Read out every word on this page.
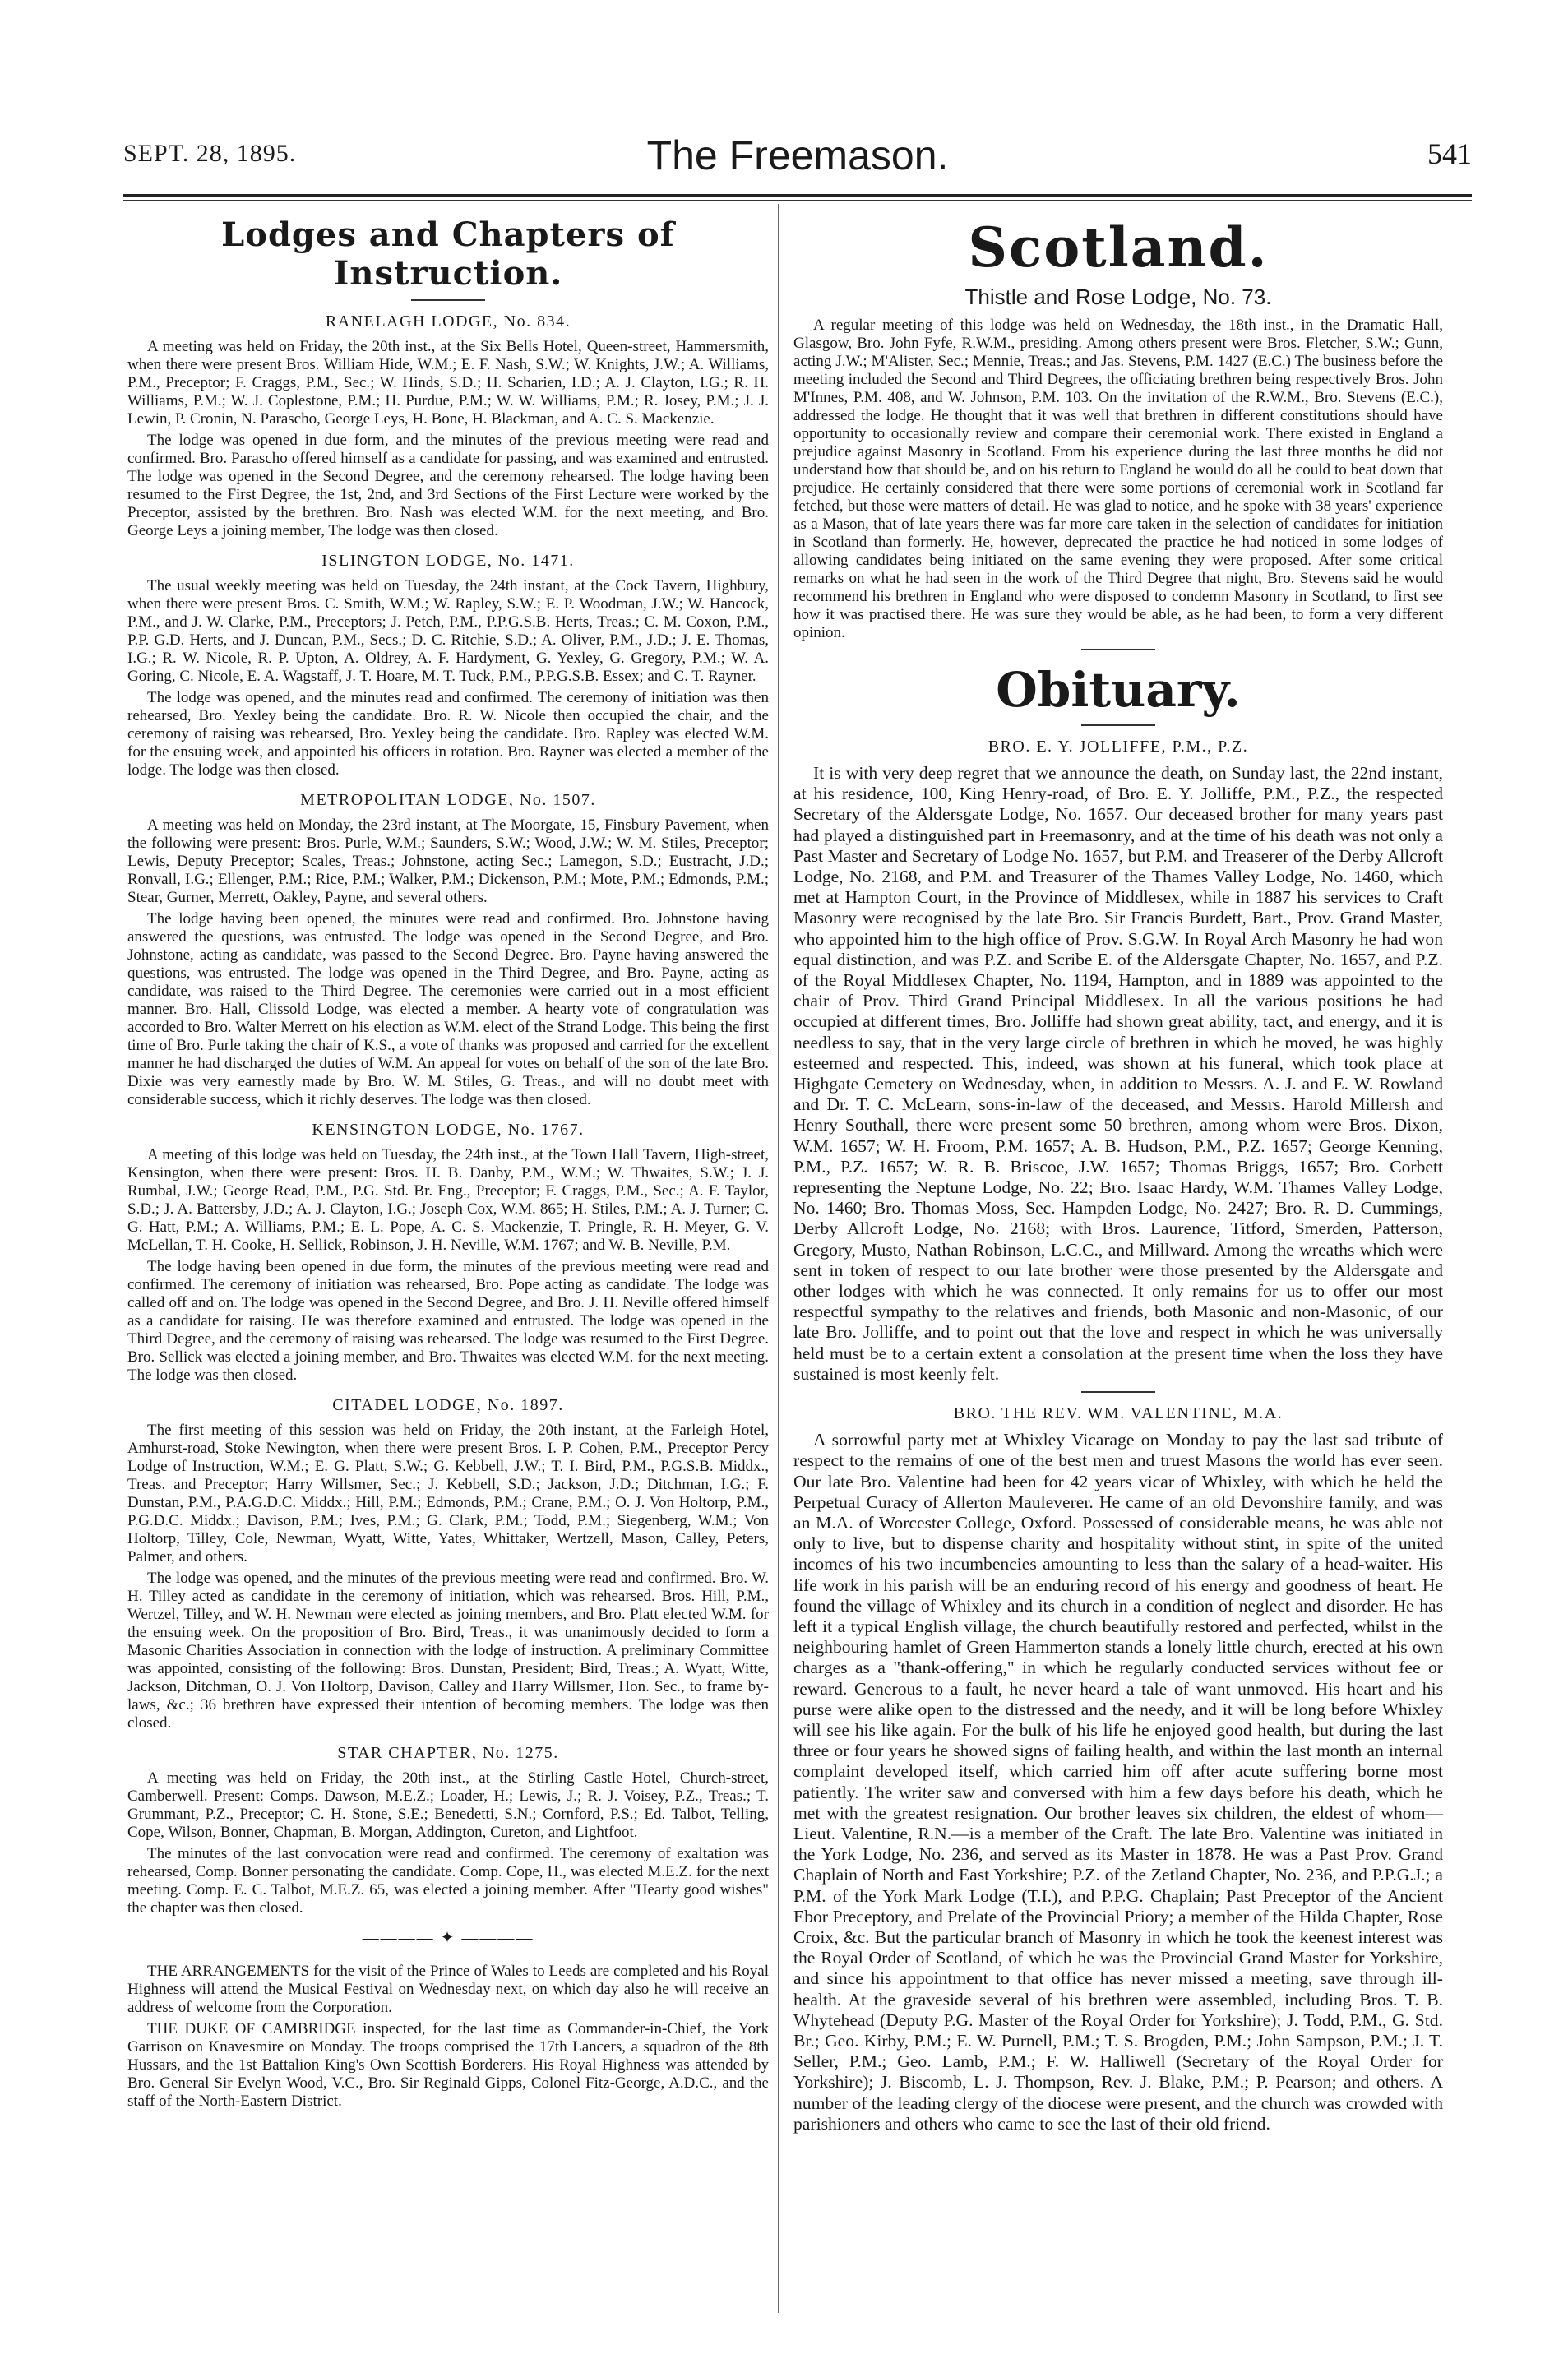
SEPT. 28, 1895.	The Freemason.	541
Lodges and Chapters of Instruction.
RANELAGH LODGE, No. 834.

A meeting was held on Friday, the 20th inst., at the Six Bells Hotel, Queen-street, Hammersmith, when there were present Bros. William Hide, W.M.; E. F. Nash, S.W.; W. Knights, J.W.; A. Williams, P.M., Preceptor; F. Craggs, P.M., Sec.; W. Hinds, S.D.; H. Scharien, I.D.; A. J. Clayton, I.G.; R. H. Williams, P.M.; W. J. Coplestone, P.M.; H. Purdue, P.M.; W. W. Williams, P.M.; R. Josey, P.M.; J. J. Lewin, P. Cronin, N. Parascho, George Leys, H. Bone, H. Blackman, and A. C. S. Mackenzie.

The lodge was opened in due form, and the minutes of the previous meeting were read and confirmed. Bro. Parascho offered himself as a candidate for passing, and was examined and entrusted. The lodge was opened in the Second Degree, and the ceremony rehearsed. The lodge having been resumed to the First Degree, the 1st, 2nd, and 3rd Sections of the First Lecture were worked by the Preceptor, assisted by the brethren. Bro. Nash was elected W.M. for the next meeting, and Bro. George Leys a joining member, The lodge was then closed.

ISLINGTON LODGE, No. 1471.

The usual weekly meeting was held on Tuesday, the 24th instant, at the Cock Tavern, Highbury, when there were present Bros. C. Smith, W.M.; W. Rapley, S.W.; E. P. Woodman, J.W.; W. Hancock, P.M., and J. W. Clarke, P.M., Preceptors; J. Petch, P.M., P.P.G.S.B. Herts, Treas.; C. M. Coxon, P.M., P.P. G.D. Herts, and J. Duncan, P.M., Secs.; D. C. Ritchie, S.D.; A. Oliver, P.M., J.D.; J. E. Thomas, I.G.; R. W. Nicole, R. P. Upton, A. Oldrey, A. F. Hardyment, G. Yexley, G. Gregory, P.M.; W. A. Goring, C. Nicole, E. A. Wagstaff, J. T. Hoare, M. T. Tuck, P.M., P.P.G.S.B. Essex; and C. T. Rayner.

The lodge was opened, and the minutes read and confirmed. The ceremony of initiation was then rehearsed, Bro. Yexley being the candidate. Bro. R. W. Nicole then occupied the chair, and the ceremony of raising was rehearsed, Bro. Yexley being the candidate. Bro. Rapley was elected W.M. for the ensuing week, and appointed his officers in rotation. Bro. Rayner was elected a member of the lodge. The lodge was then closed.

METROPOLITAN LODGE, No. 1507.

A meeting was held on Monday, the 23rd instant, at The Moorgate, 15, Finsbury Pavement, when the following were present: Bros. Purle, W.M.; Saunders, S.W.; Wood, J.W.; W. M. Stiles, Preceptor; Lewis, Deputy Preceptor; Scales, Treas.; Johnstone, acting Sec.; Lamegon, S.D.; Eustracht, J.D.; Ronvall, I.G.; Ellenger, P.M.; Rice, P.M.; Walker, P.M.; Dickenson, P.M.; Mote, P.M.; Edmonds, P.M.; Stear, Gurner, Merrett, Oakley, Payne, and several others.

The lodge having been opened, the minutes were read and confirmed. Bro. Johnstone having answered the questions, was entrusted. The lodge was opened in the Second Degree, and Bro. Johnstone, acting as candidate, was passed to the Second Degree. Bro. Payne having answered the questions, was entrusted. The lodge was opened in the Third Degree, and Bro. Payne, acting as candidate, was raised to the Third Degree. The ceremonies were carried out in a most efficient manner. Bro. Hall, Clissold Lodge, was elected a member. A hearty vote of congratulation was accorded to Bro. Walter Merrett on his election as W.M. elect of the Strand Lodge. This being the first time of Bro. Purle taking the chair of K.S., a vote of thanks was proposed and carried for the excellent manner he had discharged the duties of W.M. An appeal for votes on behalf of the son of the late Bro. Dixie was very earnestly made by Bro. W. M. Stiles, G. Treas., and will no doubt meet with considerable success, which it richly deserves. The lodge was then closed.

KENSINGTON LODGE, No. 1767.

A meeting of this lodge was held on Tuesday, the 24th inst., at the Town Hall Tavern, High-street, Kensington, when there were present: Bros. H. B. Danby, P.M., W.M.; W. Thwaites, S.W.; J. J. Rumbal, J.W.; George Read, P.M., P.G. Std. Br. Eng., Preceptor; F. Craggs, P.M., Sec.; A. F. Taylor, S.D.; J. A. Battersby, J.D.; A. J. Clayton, I.G.; Joseph Cox, W.M. 865; H. Stiles, P.M.; A. J. Turner; C. G. Hatt, P.M.; A. Williams, P.M.; E. L. Pope, A. C. S. Mackenzie, T. Pringle, R. H. Meyer, G. V. McLellan, T. H. Cooke, H. Sellick, Robinson, J. H. Neville, W.M. 1767; and W. B. Neville, P.M.

The lodge having been opened in due form, the minutes of the previous meeting were read and confirmed. The ceremony of initiation was rehearsed, Bro. Pope acting as candidate. The lodge was called off and on. The lodge was opened in the Second Degree, and Bro. J. H. Neville offered himself as a candidate for raising. He was therefore examined and entrusted. The lodge was opened in the Third Degree, and the ceremony of raising was rehearsed. The lodge was resumed to the First Degree. Bro. Sellick was elected a joining member, and Bro. Thwaites was elected W.M. for the next meeting. The lodge was then closed.

CITADEL LODGE, No. 1897.

The first meeting of this session was held on Friday, the 20th instant, at the Farleigh Hotel, Amhurst-road, Stoke Newington, when there were present Bros. I. P. Cohen, P.M., Preceptor Percy Lodge of Instruction, W.M.; E. G. Platt, S.W.; G. Kebbell, J.W.; T. I. Bird, P.M., P.G.S.B. Middx., Treas. and Preceptor; Harry Willsmer, Sec.; J. Kebbell, S.D.; Jackson, J.D.; Ditchman, I.G.; F. Dunstan, P.M., P.A.G.D.C. Middx.; Hill, P.M.; Edmonds, P.M.; Crane, P.M.; O. J. Von Holtorp, P.M., P.G.D.C. Middx.; Davison, P.M.; Ives, P.M.; G. Clark, P.M.; Todd, P.M.; Siegenberg, W.M.; Von Holtorp, Tilley, Cole, Newman, Wyatt, Witte, Yates, Whittaker, Wertzell, Mason, Calley, Peters, Palmer, and others.

The lodge was opened, and the minutes of the previous meeting were read and confirmed. Bro. W. H. Tilley acted as candidate in the ceremony of initiation, which was rehearsed. Bros. Hill, P.M., Wertzel, Tilley, and W. H. Newman were elected as joining members, and Bro. Platt elected W.M. for the ensuing week. On the proposition of Bro. Bird, Treas., it was unanimously decided to form a Masonic Charities Association in connection with the lodge of instruction. A preliminary Committee was appointed, consisting of the following: Bros. Dunstan, President; Bird, Treas.; A. Wyatt, Witte, Jackson, Ditchman, O. J. Von Holtorp, Davison, Calley and Harry Willsmer, Hon. Sec., to frame by-laws, &c.; 36 brethren have expressed their intention of becoming members. The lodge was then closed.

STAR CHAPTER, No. 1275.

A meeting was held on Friday, the 20th inst., at the Stirling Castle Hotel, Church-street, Camberwell. Present: Comps. Dawson, M.E.Z.; Loader, H.; Lewis, J.; R. J. Voisey, P.Z., Treas.; T. Grummant, P.Z., Preceptor; C. H. Stone, S.E.; Benedetti, S.N.; Cornford, P.S.; Ed. Talbot, Telling, Cope, Wilson, Bonner, Chapman, B. Morgan, Addington, Cureton, and Lightfoot.

The minutes of the last convocation were read and confirmed. The ceremony of exaltation was rehearsed, Comp. Bonner personating the candidate. Comp. Cope, H., was elected M.E.Z. for the next meeting. Comp. E. C. Talbot, M.E.Z. 65, was elected a joining member. After "Hearty good wishes" the chapter was then closed.

———— ✦ ————

THE ARRANGEMENTS for the visit of the Prince of Wales to Leeds are completed and his Royal Highness will attend the Musical Festival on Wednesday next, on which day also he will receive an address of welcome from the Corporation.

THE DUKE OF CAMBRIDGE inspected, for the last time as Commander-in-Chief, the York Garrison on Knavesmire on Monday. The troops comprised the 17th Lancers, a squadron of the 8th Hussars, and the 1st Battalion King's Own Scottish Borderers. His Royal Highness was attended by Bro. General Sir Evelyn Wood, V.C., Bro. Sir Reginald Gipps, Colonel Fitz-George, A.D.C., and the staff of the North-Eastern District.

Scotland.
Thistle and Rose Lodge, No. 73.

A regular meeting of this lodge was held on Wednesday, the 18th inst., in the Dramatic Hall, Glasgow, Bro. John Fyfe, R.W.M., presiding. Among others present were Bros. Fletcher, S.W.; Gunn, acting J.W.; M'Alister, Sec.; Mennie, Treas.; and Jas. Stevens, P.M. 1427 (E.C.) The business before the meeting included the Second and Third Degrees, the officiating brethren being respectively Bros. John M'Innes, P.M. 408, and W. Johnson, P.M. 103. On the invitation of the R.W.M., Bro. Stevens (E.C.), addressed the lodge. He thought that it was well that brethren in different constitutions should have opportunity to occasionally review and compare their ceremonial work. There existed in England a prejudice against Masonry in Scotland. From his experience during the last three months he did not understand how that should be, and on his return to England he would do all he could to beat down that prejudice. He certainly considered that there were some portions of ceremonial work in Scotland far fetched, but those were matters of detail. He was glad to notice, and he spoke with 38 years' experience as a Mason, that of late years there was far more care taken in the selection of candidates for initiation in Scotland than formerly. He, however, deprecated the practice he had noticed in some lodges of allowing candidates being initiated on the same evening they were proposed. After some critical remarks on what he had seen in the work of the Third Degree that night, Bro. Stevens said he would recommend his brethren in England who were disposed to condemn Masonry in Scotland, to first see how it was practised there. He was sure they would be able, as he had been, to form a very different opinion.

Obituary.
BRO. E. Y. JOLLIFFE, P.M., P.Z.

It is with very deep regret that we announce the death, on Sunday last, the 22nd instant, at his residence, 100, King Henry-road, of Bro. E. Y. Jolliffe, P.M., P.Z., the respected Secretary of the Aldersgate Lodge, No. 1657. Our deceased brother for many years past had played a distinguished part in Freemasonry, and at the time of his death was not only a Past Master and Secretary of Lodge No. 1657, but P.M. and Treaserer of the Derby Allcroft Lodge, No. 2168, and P.M. and Treasurer of the Thames Valley Lodge, No. 1460, which met at Hampton Court, in the Province of Middlesex, while in 1887 his services to Craft Masonry were recognised by the late Bro. Sir Francis Burdett, Bart., Prov. Grand Master, who appointed him to the high office of Prov. S.G.W. In Royal Arch Masonry he had won equal distinction, and was P.Z. and Scribe E. of the Aldersgate Chapter, No. 1657, and P.Z. of the Royal Middlesex Chapter, No. 1194, Hampton, and in 1889 was appointed to the chair of Prov. Third Grand Principal Middlesex. In all the various positions he had occupied at different times, Bro. Jolliffe had shown great ability, tact, and energy, and it is needless to say, that in the very large circle of brethren in which he moved, he was highly esteemed and respected. This, indeed, was shown at his funeral, which took place at Highgate Cemetery on Wednesday, when, in addition to Messrs. A. J. and E. W. Rowland and Dr. T. C. McLearn, sons-in-law of the deceased, and Messrs. Harold Millersh and Henry Southall, there were present some 50 brethren, among whom were Bros. Dixon, W.M. 1657; W. H. Froom, P.M. 1657; A. B. Hudson, P.M., P.Z. 1657; George Kenning, P.M., P.Z. 1657; W. R. B. Briscoe, J.W. 1657; Thomas Briggs, 1657; Bro. Corbett representing the Neptune Lodge, No. 22; Bro. Isaac Hardy, W.M. Thames Valley Lodge, No. 1460; Bro. Thomas Moss, Sec. Hampden Lodge, No. 2427; Bro. R. D. Cummings, Derby Allcroft Lodge, No. 2168; with Bros. Laurence, Titford, Smerden, Patterson, Gregory, Musto, Nathan Robinson, L.C.C., and Millward. Among the wreaths which were sent in token of respect to our late brother were those presented by the Aldersgate and other lodges with which he was connected. It only remains for us to offer our most respectful sympathy to the relatives and friends, both Masonic and non-Masonic, of our late Bro. Jolliffe, and to point out that the love and respect in which he was universally held must be to a certain extent a consolation at the present time when the loss they have sustained is most keenly felt.

BRO. THE REV. WM. VALENTINE, M.A.

A sorrowful party met at Whixley Vicarage on Monday to pay the last sad tribute of respect to the remains of one of the best men and truest Masons the world has ever seen. Our late Bro. Valentine had been for 42 years vicar of Whixley, with which he held the Perpetual Curacy of Allerton Mauleverer. He came of an old Devonshire family, and was an M.A. of Worcester College, Oxford. Possessed of considerable means, he was able not only to live, but to dispense charity and hospitality without stint, in spite of the united incomes of his two incumbencies amounting to less than the salary of a head-waiter. His life work in his parish will be an enduring record of his energy and goodness of heart. He found the village of Whixley and its church in a condition of neglect and disorder. He has left it a typical English village, the church beautifully restored and perfected, whilst in the neighbouring hamlet of Green Hammerton stands a lonely little church, erected at his own charges as a "thank-offering," in which he regularly conducted services without fee or reward. Generous to a fault, he never heard a tale of want unmoved. His heart and his purse were alike open to the distressed and the needy, and it will be long before Whixley will see his like again. For the bulk of his life he enjoyed good health, but during the last three or four years he showed signs of failing health, and within the last month an internal complaint developed itself, which carried him off after acute suffering borne most patiently. The writer saw and conversed with him a few days before his death, which he met with the greatest resignation. Our brother leaves six children, the eldest of whom—Lieut. Valentine, R.N.—is a member of the Craft. The late Bro. Valentine was initiated in the York Lodge, No. 236, and served as its Master in 1878. He was a Past Prov. Grand Chaplain of North and East Yorkshire; P.Z. of the Zetland Chapter, No. 236, and P.P.G.J.; a P.M. of the York Mark Lodge (T.I.), and P.P.G. Chaplain; Past Preceptor of the Ancient Ebor Preceptory, and Prelate of the Provincial Priory; a member of the Hilda Chapter, Rose Croix, &c. But the particular branch of Masonry in which he took the keenest interest was the Royal Order of Scotland, of which he was the Provincial Grand Master for Yorkshire, and since his appointment to that office has never missed a meeting, save through ill-health. At the graveside several of his brethren were assembled, including Bros. T. B. Whytehead (Deputy P.G. Master of the Royal Order for Yorkshire); J. Todd, P.M., G. Std. Br.; Geo. Kirby, P.M.; E. W. Purnell, P.M.; T. S. Brogden, P.M.; John Sampson, P.M.; J. T. Seller, P.M.; Geo. Lamb, P.M.; F. W. Halliwell (Secretary of the Royal Order for Yorkshire); J. Biscomb, L. J. Thompson, Rev. J. Blake, P.M.; P. Pearson; and others. A number of the leading clergy of the diocese were present, and the church was crowded with parishioners and others who came to see the last of their old friend.
